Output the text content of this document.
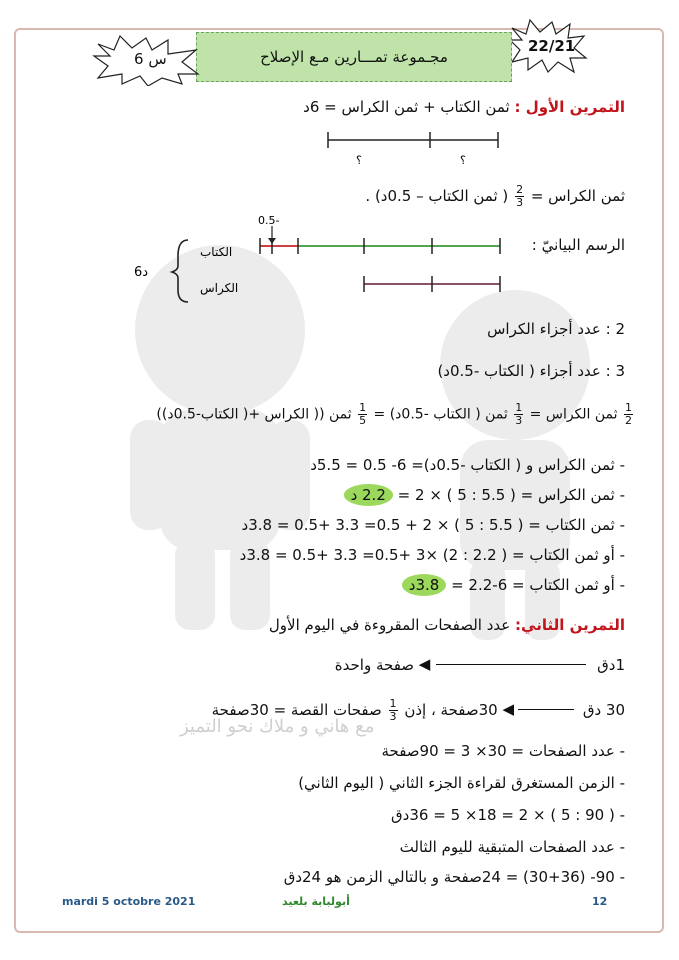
22/21
مجـموعة تمـــارين مـع الإصلاح
س 6
التمرين الأول : ثمن الكتاب + ثمن الكراس = 6د
؟	؟
ثمن الكراس =
$\frac{2}{3}$
( ثمن الكتاب – 0.5د) .
الرسم البيانيّ :
0.5-
الكتاب
الكراس
6د
2 : عدد أجزاء الكراس
3 : عدد أجزاء ( الكتاب -0.5د)
$\frac{1}{2}$
ثمن الكراس =
$\frac{1}{3}$
ثمن ( الكتاب -0.5د) =
$\frac{1}{5}$
ثمن (( الكراس +( الكتاب-0.5د))
- ثمن الكراس و ( الكتاب -0.5د)= 6- 0.5 = 5.5د
- ثمن الكراس = ( 5.5 : 5 ) × 2 = 2.2 د
- ثمن الكتاب = ( 5.5 : 5 ) × 2 + 0.5= 3.3 +0.5 = 3.8د
- أو ثمن الكتاب = ( 2.2 : 2) ×3 +0.5= 3.3 +0.5 = 3.8د
- أو ثمن الكتاب = 6-2.2 = 3.8د
التمرين الثاني: عدد الصفحات المقروءة في اليوم الأول
1دق ◀ صفحة واحدة
30 دق ◀ 30صفحة ، إذن
$\frac{1}{3}$
صفحات القصة = 30صفحة
مع هاني و ملاك نحو التميز
- عدد الصفحات = 30× 3 = 90صفحة
- الزمن المستغرق لقراءة الجزء الثاني ( اليوم الثاني)
- ( 90 : 5 ) × 2 = 18× 5 = 36دق
- عدد الصفحات المتبقية لليوم الثالث
- 90- (30+36) = 24صفحة و بالتالي الزمن هو 24دق
mardi 5 octobre 2021	أبولبابة بلعيد	12
